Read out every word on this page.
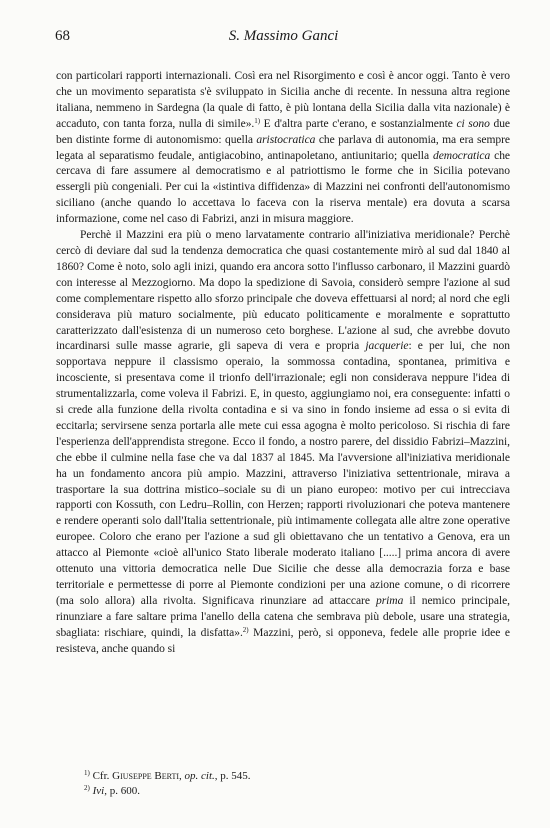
68	S. Massimo Ganci

con particolari rapporti internazionali. Così era nel Risorgimento e così è ancor oggi. Tanto è vero che un movimento separatista s'è sviluppato in Sicilia anche di recente. In nessuna altra regione italiana, nemmeno in Sardegna (la quale di fatto, è più lontana della Sicilia dalla vita nazionale) è accaduto, con tanta forza, nulla di simile».$^{1)}$ E d'altra parte c'erano, e sostanzialmente ci sono due ben distinte forme di autonomismo: quella aristocratica che parlava di autonomia, ma era sempre legata al separatismo feudale, antigiacobino, antinapoletano, antiunitario; quella democratica che cercava di fare assumere al democratismo e al patriottismo le forme che in Sicilia potevano essergli più congeniali. Per cui la «istintiva diffidenza» di Mazzini nei confronti dell'autonomismo siciliano (anche quando lo accettava lo faceva con la riserva mentale) era dovuta a scarsa informazione, come nel caso di Fabrizi, anzi in misura maggiore.

Perchè il Mazzini era più o meno larvatamente contrario all'iniziativa meridionale? Perchè cercò di deviare dal sud la tendenza democratica che quasi costantemente mirò al sud dal 1840 al 1860? Come è noto, solo agli inizi, quando era ancora sotto l'influsso carbonaro, il Mazzini guardò con interesse al Mezzogiorno. Ma dopo la spedizione di Savoia, considerò sempre l'azione al sud come complementare rispetto allo sforzo principale che doveva effettuarsi al nord; al nord che egli considerava più maturo socialmente, più educato politicamente e moralmente e soprattutto caratterizzato dall'esistenza di un numeroso ceto borghese. L'azione al sud, che avrebbe dovuto incardinarsi sulle masse agrarie, gli sapeva di vera e propria jacquerie: e per lui, che non sopportava neppure il classismo operaio, la sommossa contadina, spontanea, primitiva e incosciente, si presentava come il trionfo dell'irrazionale; egli non considerava neppure l'idea di strumentalizzarla, come voleva il Fabrizi. E, in questo, aggiungiamo noi, era conseguente: infatti o si crede alla funzione della rivolta contadina e si va sino in fondo insieme ad essa o si evita di eccitarla; servirsene senza portarla alle mete cui essa agogna è molto pericoloso. Si rischia di fare l'esperienza dell'apprendista stregone. Ecco il fondo, a nostro parere, del dissidio Fabrizi–Mazzini, che ebbe il culmine nella fase che va dal 1837 al 1845. Ma l'avversione all'iniziativa meridionale ha un fondamento ancora più ampio. Mazzini, attraverso l'iniziativa settentrionale, mirava a trasportare la sua dottrina mistico–sociale su di un piano europeo: motivo per cui intrecciava rapporti con Kossuth, con Ledru–Rollin, con Herzen; rapporti rivoluzionari che poteva mantenere e rendere operanti solo dall'Italia settentrionale, più intimamente collegata alle altre zone operative europee. Coloro che erano per l'azione a sud gli obiettavano che un tentativo a Genova, era un attacco al Piemonte «cioè all'unico Stato liberale moderato italiano [.....] prima ancora di avere ottenuto una vittoria democratica nelle Due Sicilie che desse alla democrazia forza e base territoriale e permettesse di porre al Piemonte condizioni per una azione comune, o di ricorrere (ma solo allora) alla rivolta. Significava rinunziare ad attaccare prima il nemico principale, rinunziare a fare saltare prima l'anello della catena che sembrava più debole, usare una strategia, sbagliata: rischiare, quindi, la disfatta».$^{2)}$ Mazzini, però, si opponeva, fedele alle proprie idee e resisteva, anche quando si

$^{1)}$ Cfr. Giuseppe Berti, op. cit., p. 545.
$^{2)}$ Ivi, p. 600.
